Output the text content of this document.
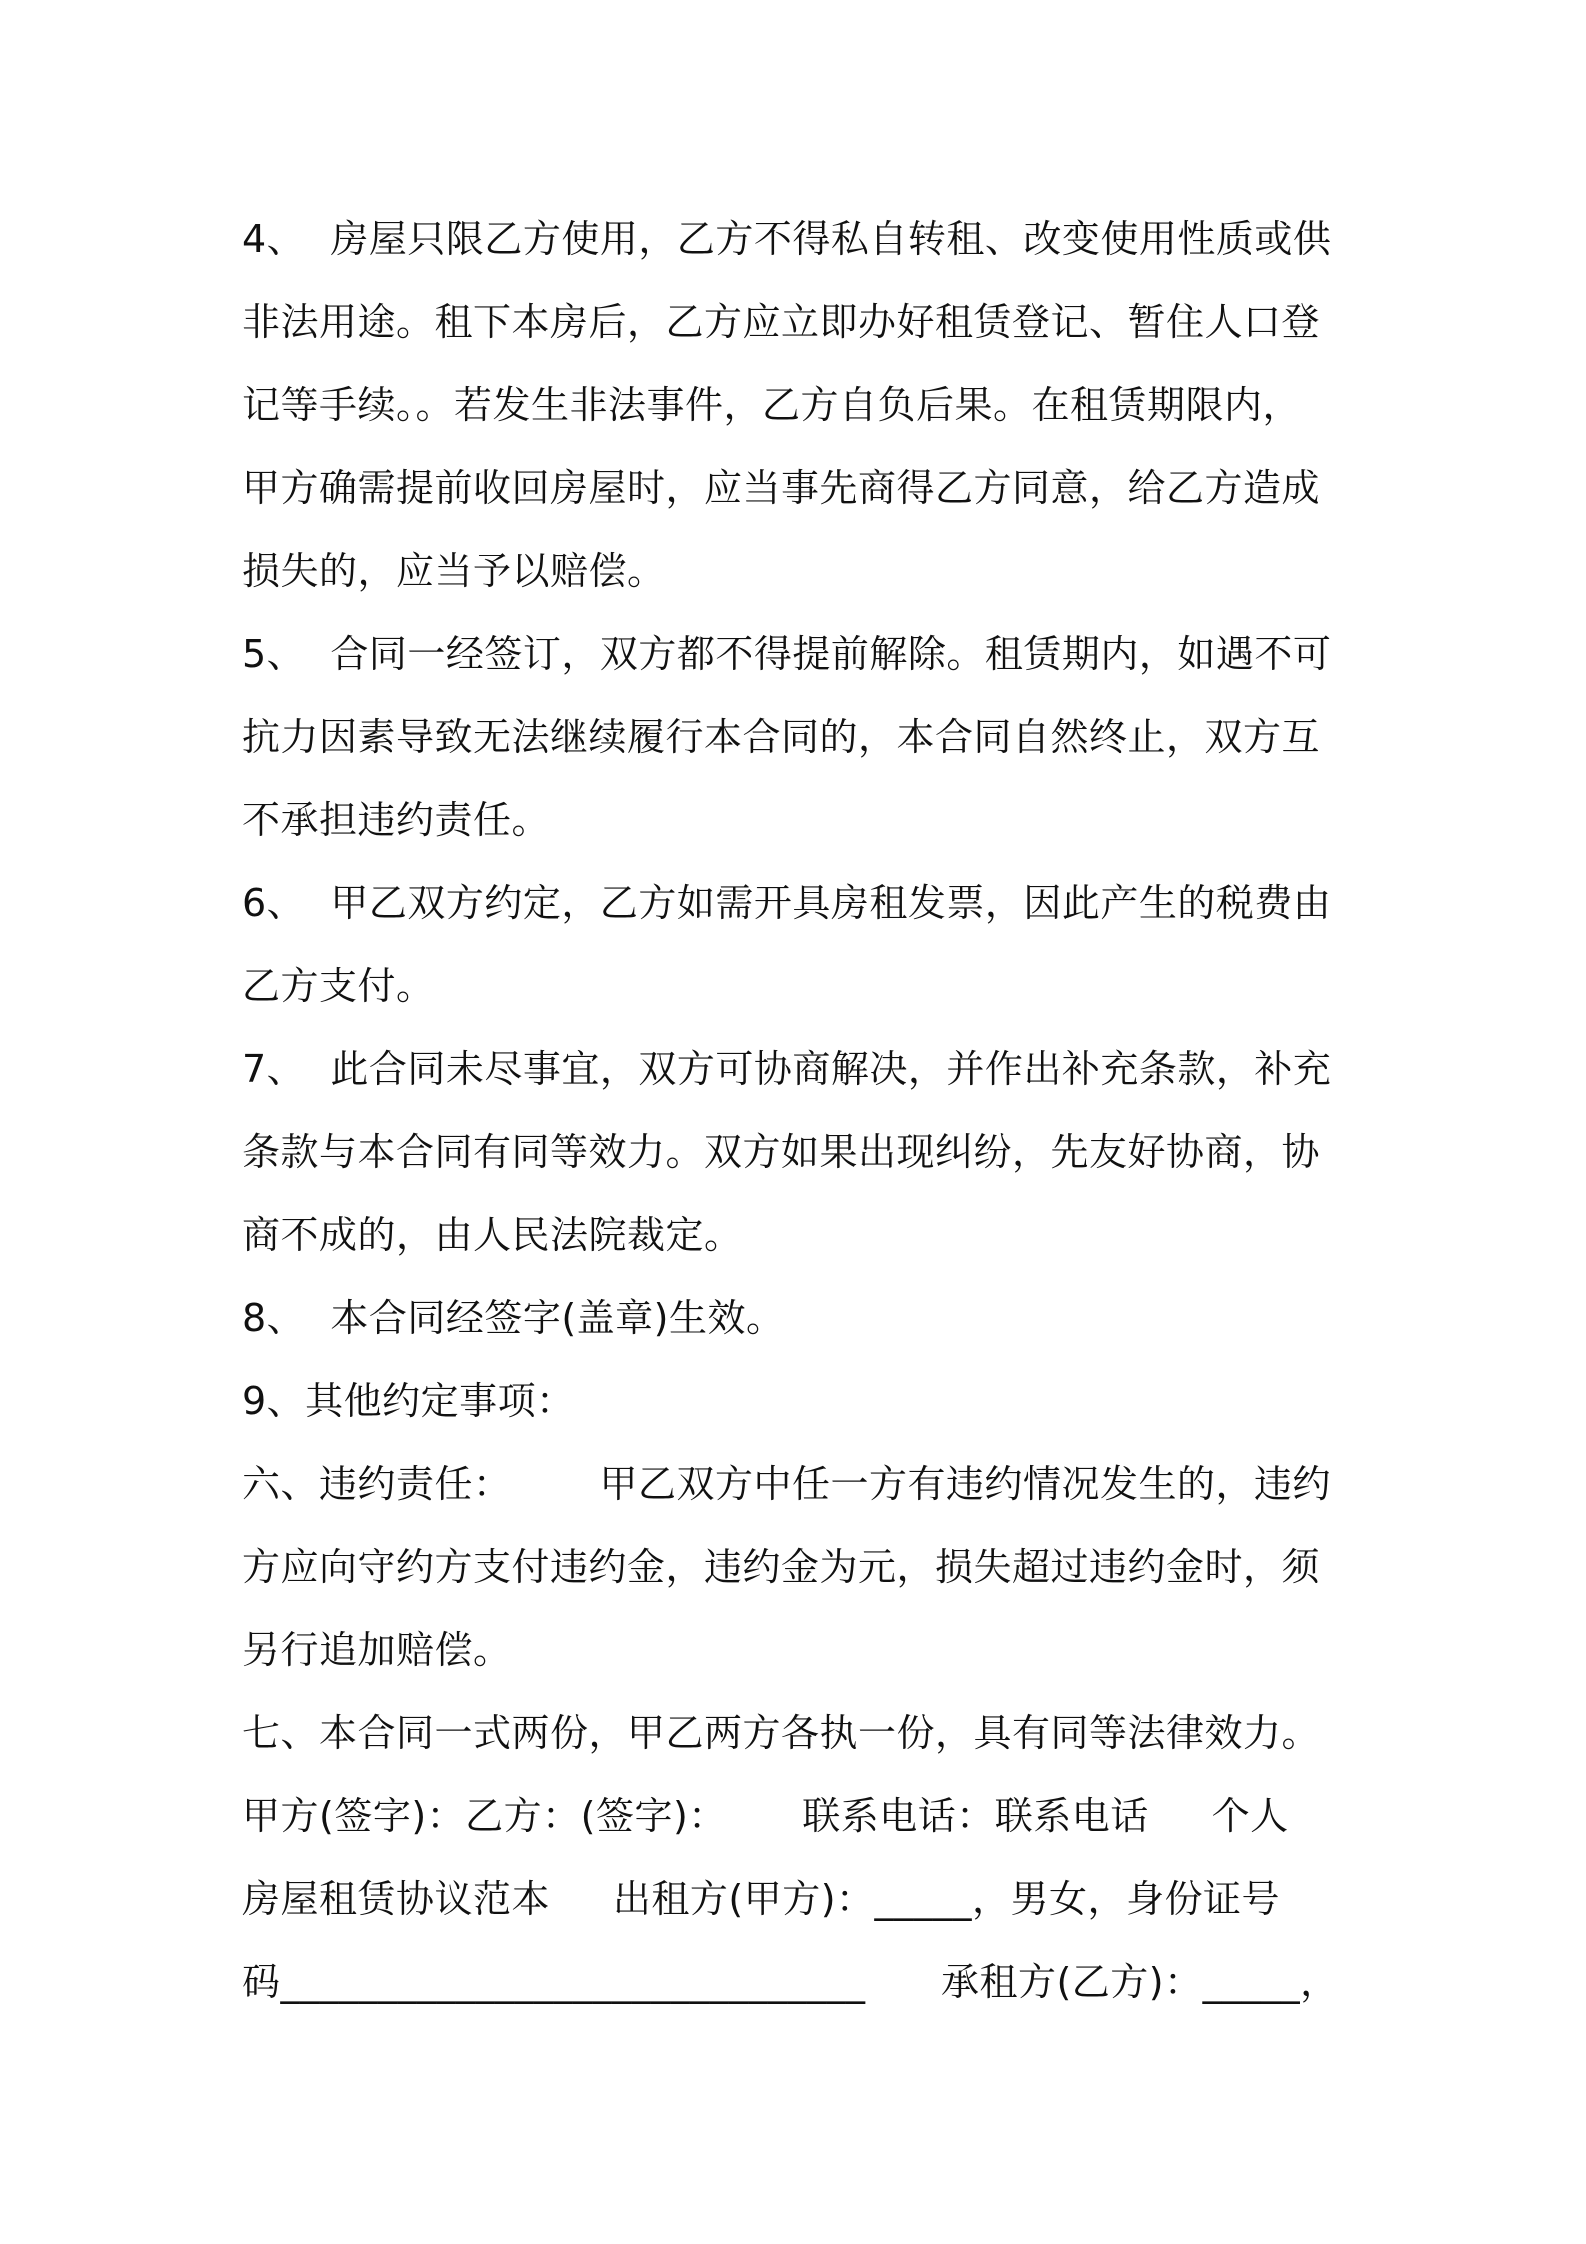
4、  房屋只限乙方使用，乙方不得私自转租、改变使用性质或供
非法用途。租下本房后，乙方应立即办好租赁登记、暂住人口登
记等手续。。若发生非法事件，乙方自负后果。在租赁期限内，
甲方确需提前收回房屋时，应当事先商得乙方同意，给乙方造成
损失的，应当予以赔偿。
5、  合同一经签订，双方都不得提前解除。租赁期内，如遇不可
抗力因素导致无法继续履行本合同的，本合同自然终止，双方互
不承担违约责任。
6、  甲乙双方约定，乙方如需开具房租发票，因此产生的税费由
乙方支付。
7、  此合同未尽事宜，双方可协商解决，并作出补充条款，补充
条款与本合同有同等效力。双方如果出现纠纷，先友好协商，协
商不成的，由人民法院裁定。
8、  本合同经签字(盖章)生效。
9、其他约定事项：
六、违约责任：       甲乙双方中任一方有违约情况发生的，违约
方应向守约方支付违约金，违约金为元，损失超过违约金时，须
另行追加赔偿。
七、本合同一式两份，甲乙两方各执一份，具有同等法律效力。
甲方(签字)：乙方：(签字)：      联系电话：联系电话     个人
房屋租赁协议范本     出租方(甲方)：_____，男女，身份证号
码______________________________      承租方(乙方)：_____，
